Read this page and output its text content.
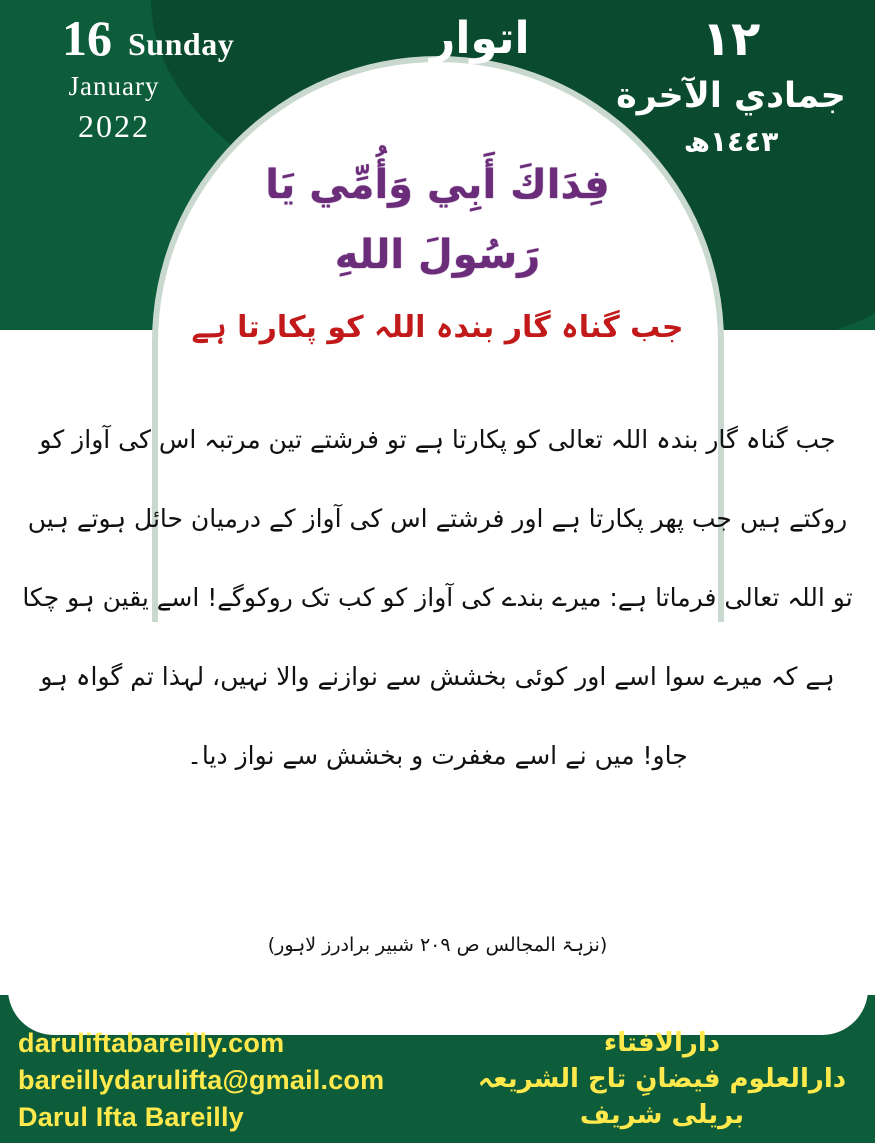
16 Sunday
January
2022
اتوار	١٢
جمادي الآخرة
١٤٤٣ھ
فِدَاكَ أَبِي وَأُمِّي يَا رَسُولَ اللهِ
جب گناہ گار بندہ اللہ کو پکارتا ہے
جب گناہ گار بندہ اللہ تعالی کو پکارتا ہے تو فرشتے تین مرتبہ اس کی آواز کو روکتے ہیں جب پھر پکارتا ہے اور فرشتے اس کی آواز کے درمیان حائل ہوتے ہیں تو اللہ تعالی فرماتا ہے: میرے بندے کی آواز کو کب تک روکوگے! اسے یقین ہو چکا ہے کہ میرے سوا اسے اور کوئی بخشش سے نوازنے والا نہیں، لہذا تم گواہ ہو جاو! میں نے اسے مغفرت و بخشش سے نواز دیا۔
(نزہۃ المجالس ص ٢٠٩ شبیر برادرز لاہور)
daruliftabareilly.com
bareillydarulifta@gmail.com
Darul Ifta Bareilly
دارالافتاء
دارالعلوم فیضانِ تاج الشریعہ
بریلی شریف
